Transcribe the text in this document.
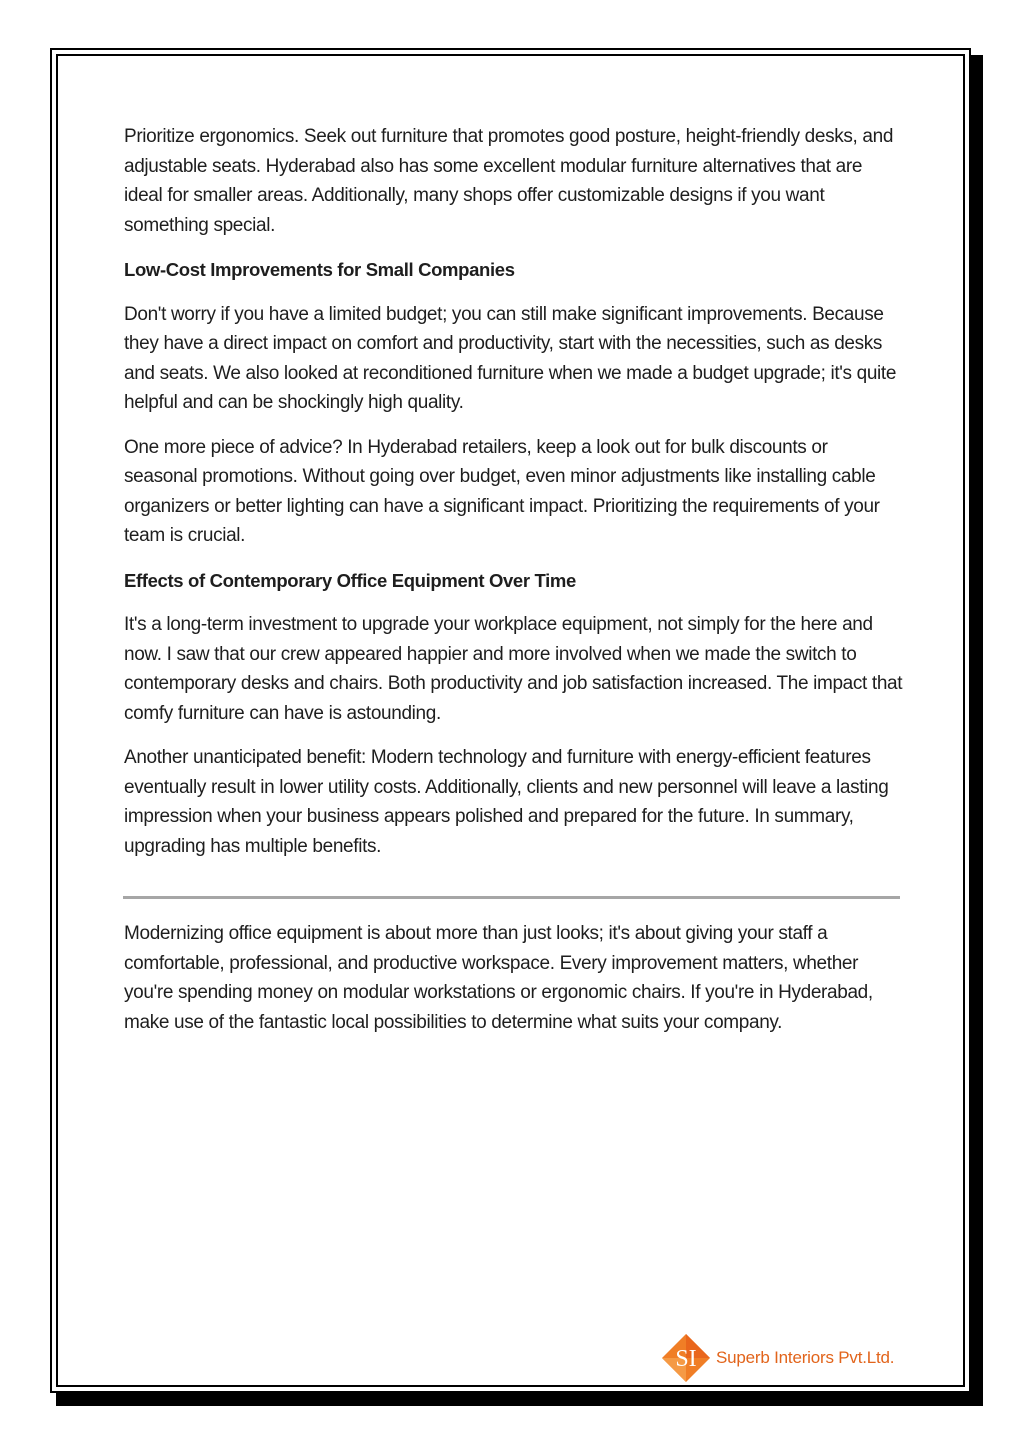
Prioritize ergonomics. Seek out furniture that promotes good posture, height-friendly desks, and adjustable seats. Hyderabad also has some excellent modular furniture alternatives that are ideal for smaller areas. Additionally, many shops offer customizable designs if you want something special.

Low-Cost Improvements for Small Companies

Don't worry if you have a limited budget; you can still make significant improvements. Because they have a direct impact on comfort and productivity, start with the necessities, such as desks and seats. We also looked at reconditioned furniture when we made a budget upgrade; it's quite helpful and can be shockingly high quality.

One more piece of advice? In Hyderabad retailers, keep a look out for bulk discounts or seasonal promotions. Without going over budget, even minor adjustments like installing cable organizers or better lighting can have a significant impact. Prioritizing the requirements of your team is crucial.

Effects of Contemporary Office Equipment Over Time

It's a long-term investment to upgrade your workplace equipment, not simply for the here and now. I saw that our crew appeared happier and more involved when we made the switch to contemporary desks and chairs. Both productivity and job satisfaction increased. The impact that comfy furniture can have is astounding.

Another unanticipated benefit: Modern technology and furniture with energy-efficient features eventually result in lower utility costs. Additionally, clients and new personnel will leave a lasting impression when your business appears polished and prepared for the future. In summary, upgrading has multiple benefits.

Modernizing office equipment is about more than just looks; it's about giving your staff a comfortable, professional, and productive workspace. Every improvement matters, whether you're spending money on modular workstations or ergonomic chairs. If you're in Hyderabad, make use of the fantastic local possibilities to determine what suits your company.

SI Superb Interiors Pvt.Ltd.
